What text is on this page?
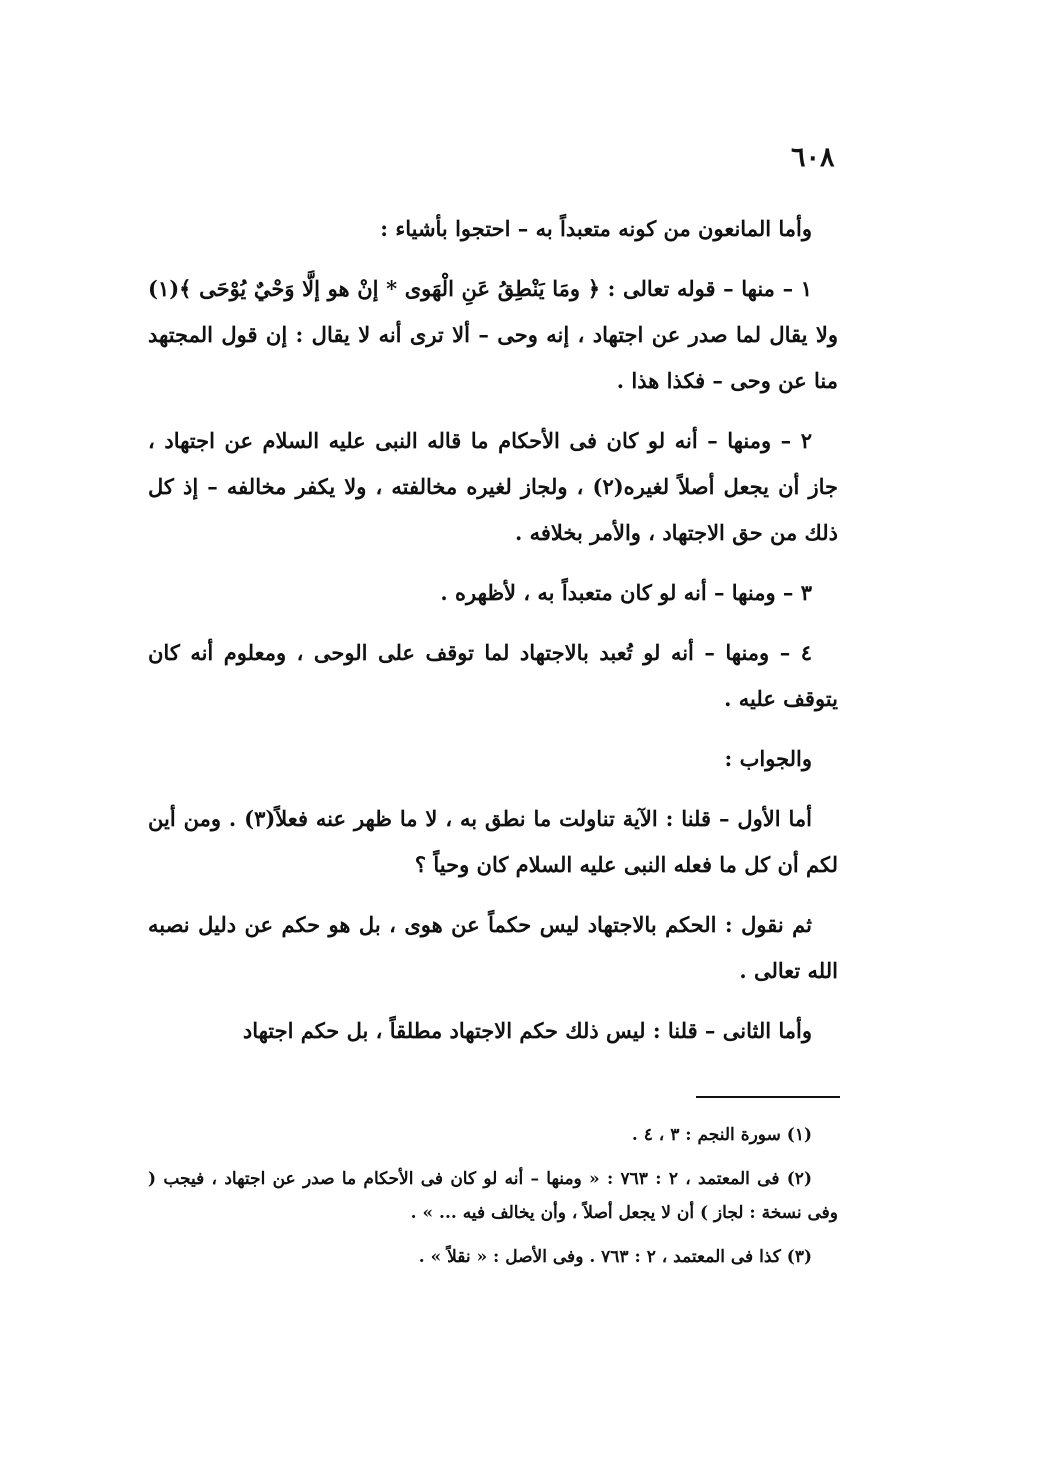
٦٠٨

وأما المانعون من كونه متعبداً به – احتجوا بأشياء :

١ – منها – قوله تعالى : ﴿ ومَا يَنْطِقُ عَنِ الْهَوى * إنْ هو إلَّا وَحْيٌ يُوْحَى ﴾(١) ولا يقال لما صدر عن اجتهاد ، إنه وحى – ألا ترى أنه لا يقال : إن قول المجتهد منا عن وحى – فكذا هذا .

٢ – ومنها – أنه لو كان فى الأحكام ما قاله النبى عليه السلام عن اجتهاد ، جاز أن يجعل أصلاً لغيره(٢) ، ولجاز لغيره مخالفته ، ولا يكفر مخالفه – إذ كل ذلك من حق الاجتهاد ، والأمر بخلافه .

٣ – ومنها – أنه لو كان متعبداً به ، لأظهره .

٤ – ومنها – أنه لو تُعبد بالاجتهاد لما توقف على الوحى ، ومعلوم أنه كان يتوقف عليه .

والجواب :

أما الأول – قلنا : الآية تناولت ما نطق به ، لا ما ظهر عنه فعلاً(٣) . ومن أين لكم أن كل ما فعله النبى عليه السلام كان وحياً ؟

ثم نقول : الحكم بالاجتهاد ليس حكماً عن هوى ، بل هو حكم عن دليل نصبه الله تعالى .

وأما الثانى – قلنا : ليس ذلك حكم الاجتهاد مطلقاً ، بل حكم اجتهاد

(١) سورة النجم : ٣ ، ٤ .

(٢) فى المعتمد ، ٢ : ٧٦٣ : « ومنها – أنه لو كان فى الأحكام ما صدر عن اجتهاد ، فيجب ( وفى نسخة : لجاز ) أن لا يجعل أصلاً ، وأن يخالف فيه ... » .

(٣) كذا فى المعتمد ، ٢ : ٧٦٣ . وفى الأصل : « نقلاً » .
